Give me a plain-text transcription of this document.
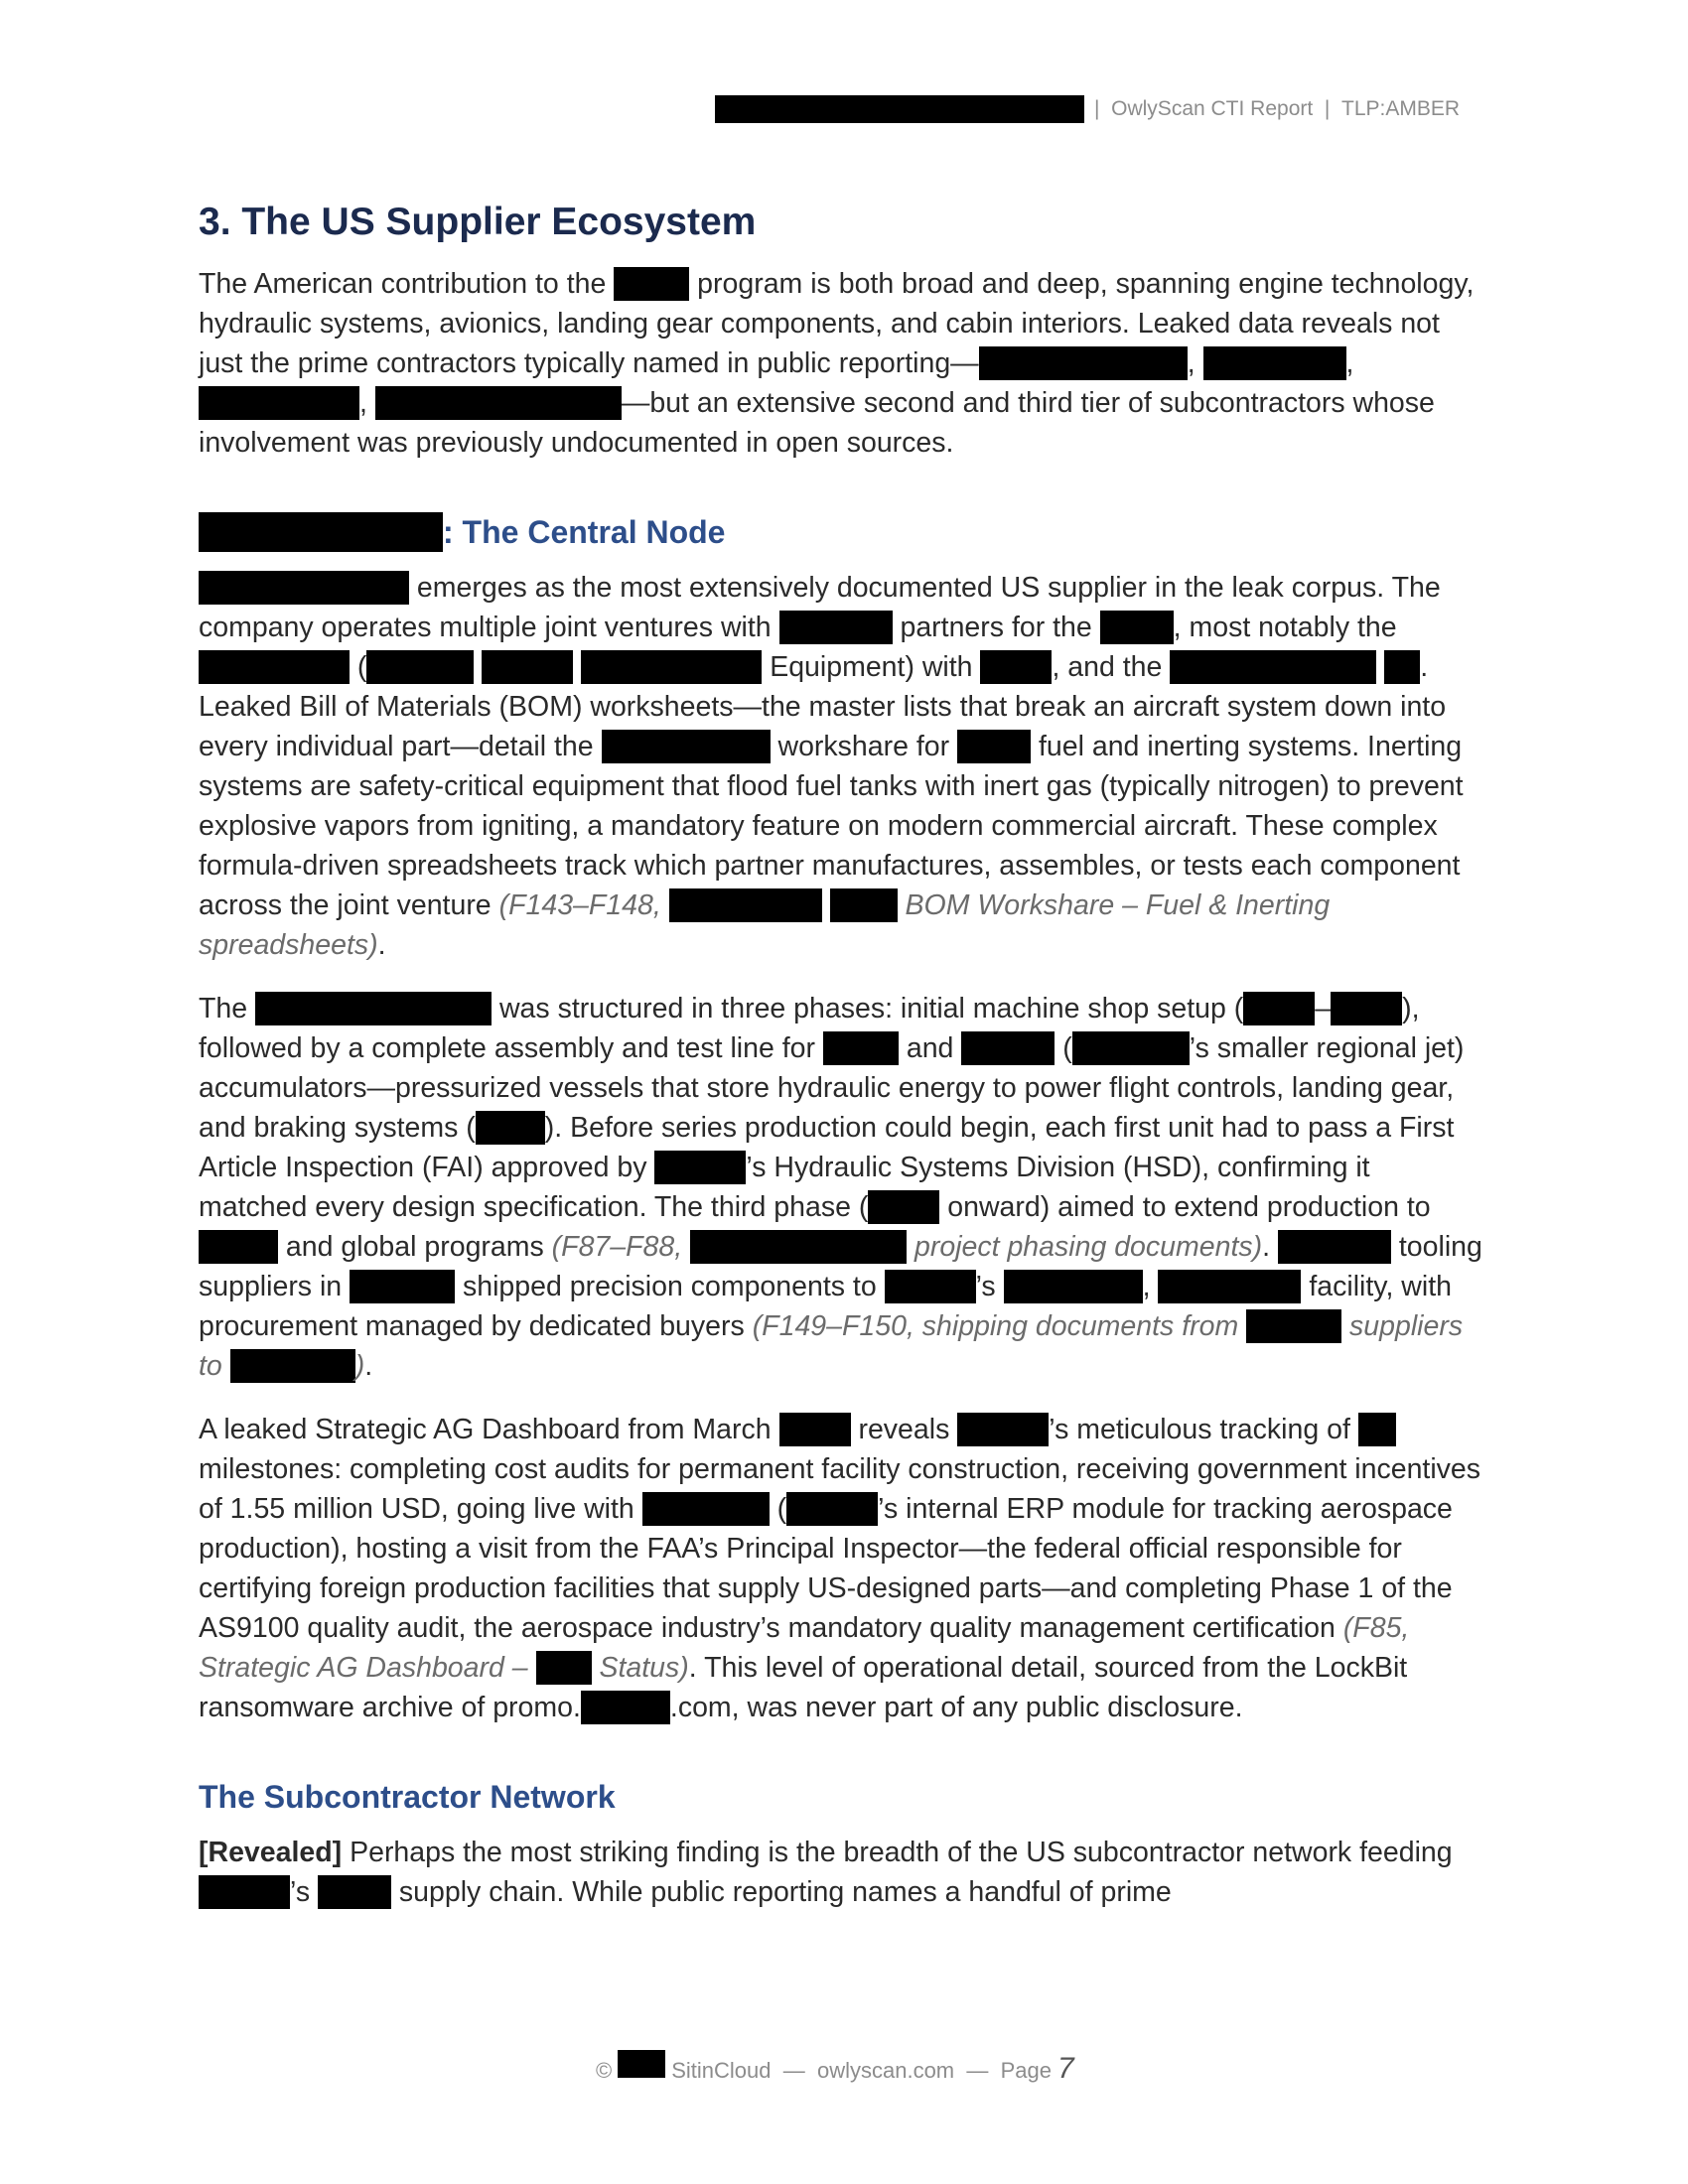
|
OwlyScan CTI Report
|
TLP:AMBER
3. The US Supplier Ecosystem

The American contribution to the	program is both broad and deep, spanning engine technology, hydraulic systems, avionics, landing gear components, and cabin interiors. Leaked data reveals not just the prime contractors typically named in public reporting—	,	, ,	—but an extensive second and third tier of subcontractors whose involvement was previously undocumented in open sources.

: The Central Node

emerges as the most extensively documented US supplier in the leak corpus. The company operates multiple joint ventures with	partners for the	, most notably the  (	Equipment) with	, and the	. Leaked Bill of Materials (BOM) worksheets—the master lists that break an aircraft system down into every individual part—detail the	workshare for	fuel and inerting systems. Inerting systems are safety-critical equipment that flood fuel tanks with inert gas (typically nitrogen) to prevent explosive vapors from igniting, a mandatory feature on modern commercial aircraft. These complex formula-driven spreadsheets track which partner manufactures, assembles, or tests each component across the joint venture (F143–F148,	BOM Workshare – Fuel & Inerting spreadsheets).

The	was structured in three phases: initial machine shop setup (	–	), followed by a complete assembly and test line for	and	(	’s smaller regional jet) accumulators—pressurized vessels that store hydraulic energy to power flight controls, landing gear, and braking systems ( ). Before series production could begin, each first unit had to pass a First Article Inspection (FAI) approved by	’s Hydraulic Systems Division (HSD), confirming it matched every design specification. The third phase (	onward) aimed to extend production to  and global programs (F87–F88,	project phasing documents).	tooling suppliers in	shipped precision components to	’s	,	facility, with procurement managed by dedicated buyers (F149–F150, shipping documents from	suppliers to	).

A leaked Strategic AG Dashboard from March	reveals	’s meticulous tracking of  milestones: completing cost audits for permanent facility construction, receiving government incentives of 1.55 million USD, going live with	(	’s internal ERP module for tracking aerospace production), hosting a visit from the FAA’s Principal Inspector—the federal official responsible for certifying foreign production facilities that supply US-designed parts—and completing Phase 1 of the AS9100 quality audit, the aerospace industry’s mandatory quality management certification (F85, Strategic AG Dashboard –	Status). This level of operational detail, sourced from the LockBit ransomware archive of promo.	.com, was never part of any public disclosure.

The Subcontractor Network

[Revealed] Perhaps the most striking finding is the breadth of the US subcontractor network feeding ’s	supply chain. While public reporting names a handful of prime

©	SitinCloud
—
owlyscan.com
—
Page 7
